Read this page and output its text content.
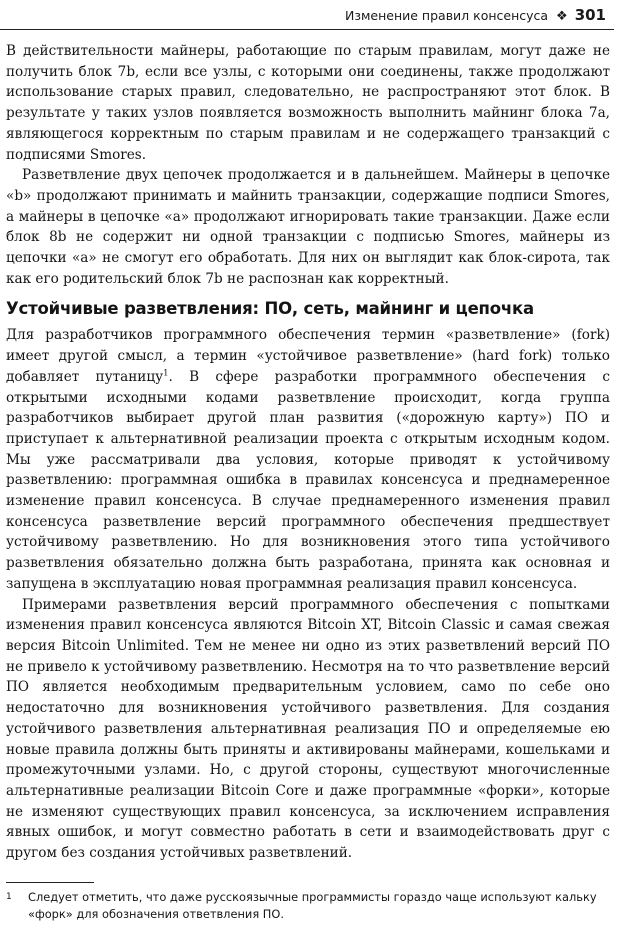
Изменение правил консенсуса ❖ 301

В действительности майнеры, работающие по старым правилам, могут даже не получить блок 7b, если все узлы, с которыми они соединены, также продолжают использование старых правил, следовательно, не распространяют этот блок. В результате у таких узлов появляется возможность выполнить майнинг блока 7a, являющегося корректным по старым правилам и не содержащего транзакций с подписями Smores.

Разветвление двух цепочек продолжается и в дальнейшем. Майнеры в цепочке «b» продолжают принимать и майнить транзакции, содержащие подписи Smores, а майнеры в цепочке «a» продолжают игнорировать такие транзакции. Даже если блок 8b не содержит ни одной транзакции с подписью Smores, майнеры из цепочки «a» не смогут его обработать. Для них он выглядит как блок-сирота, так как его родительский блок 7b не распознан как корректный.

Устойчивые разветвления: ПО, сеть, майнинг и цепочка

Для разработчиков программного обеспечения термин «разветвление» (fork) имеет другой смысл, а термин «устойчивое разветвление» (hard fork) только добавляет путаницу$^1$. В сфере разработки программного обеспечения с открытыми исходными кодами разветвление происходит, когда группа разработчиков выбирает другой план развития («дорожную карту») ПО и приступает к альтернативной реализации проекта с открытым исходным кодом. Мы уже рассматривали два условия, которые приводят к устойчивому разветвлению: программная ошибка в правилах консенсуса и преднамеренное изменение правил консенсуса. В случае преднамеренного изменения правил консенсуса разветвление версий программного обеспечения предшествует устойчивому разветвлению. Но для возникновения этого типа устойчивого разветвления обязательно должна быть разработана, принята как основная и запущена в эксплуатацию новая программная реализация правил консенсуса.

Примерами разветвления версий программного обеспечения с попытками изменения правил консенсуса являются Bitcoin XT, Bitcoin Classic и самая свежая версия Bitcoin Unlimited. Тем не менее ни одно из этих разветвлений версий ПО не привело к устойчивому разветвлению. Несмотря на то что разветвление версий ПО является необходимым предварительным условием, само по себе оно недостаточно для возникновения устойчивого разветвления. Для создания устойчивого разветвления альтернативная реализация ПО и определяемые ею новые правила должны быть приняты и активированы майнерами, кошельками и промежуточными узлами. Но, с другой стороны, существуют многочисленные альтернативные реализации Bitcoin Core и даже программные «форки», которые не изменяют существующих правил консенсуса, за исключением исправления явных ошибок, и могут совместно работать в сети и взаимодействовать друг с другом без создания устойчивых разветвлений.

1 Следует отметить, что даже русскоязычные программисты гораздо чаще используют кальку «форк» для обозначения ответвления ПО.
